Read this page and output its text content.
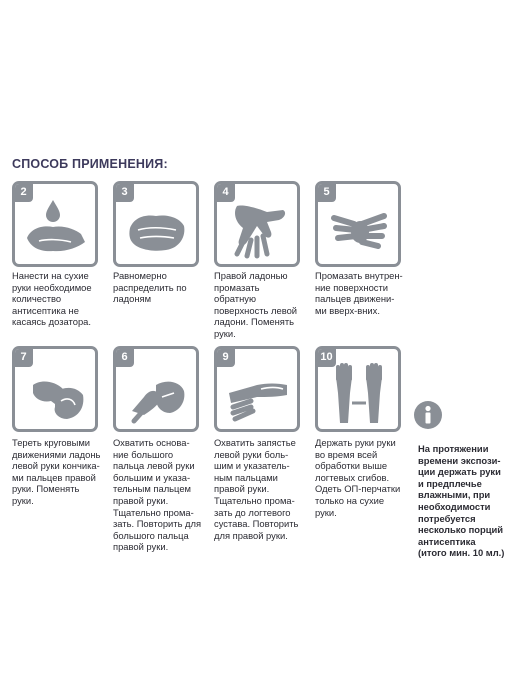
СПОСОБ ПРИМЕНЕНИЯ:
2	3	4	5
Нанести на сухие
руки необходимое
количество
антисептика не
касаясь дозатора.
Равномерно
распределить по
ладоням
Правой ладонью
промазать
обратную
поверхность левой
ладони. Поменять
руки.
Промазать внутрен-
ние поверхности
пальцев движени-
ми вверх-вних.
7	6	9	10
Тереть круговыми
движениями ладонь
левой руки кончика-
ми пальцев правой
руки. Поменять
руки.
Охватить основа-
ние большого
пальца левой руки
большим и указа-
тельным пальцем
правой руки.
Тщательно прома-
зать. Повторить для
большого пальца
правой руки.
Охватить запястье
левой руки боль-
шим и указатель-
ным пальцами
правой руки.
Тщательно прома-
зать до логтевого
сустава. Повторить
для правой руки.
Держать руки руки
во время всей
обработки выше
логтевых сгибов.
Одеть ОП-перчатки
только на сухие
руки.
На протяжении
времени экспози-
ции держать руки
и предплечье
влажными, при
необходимости
потребуется
несколько порций
антисептика
(итого мин. 10 мл.)
